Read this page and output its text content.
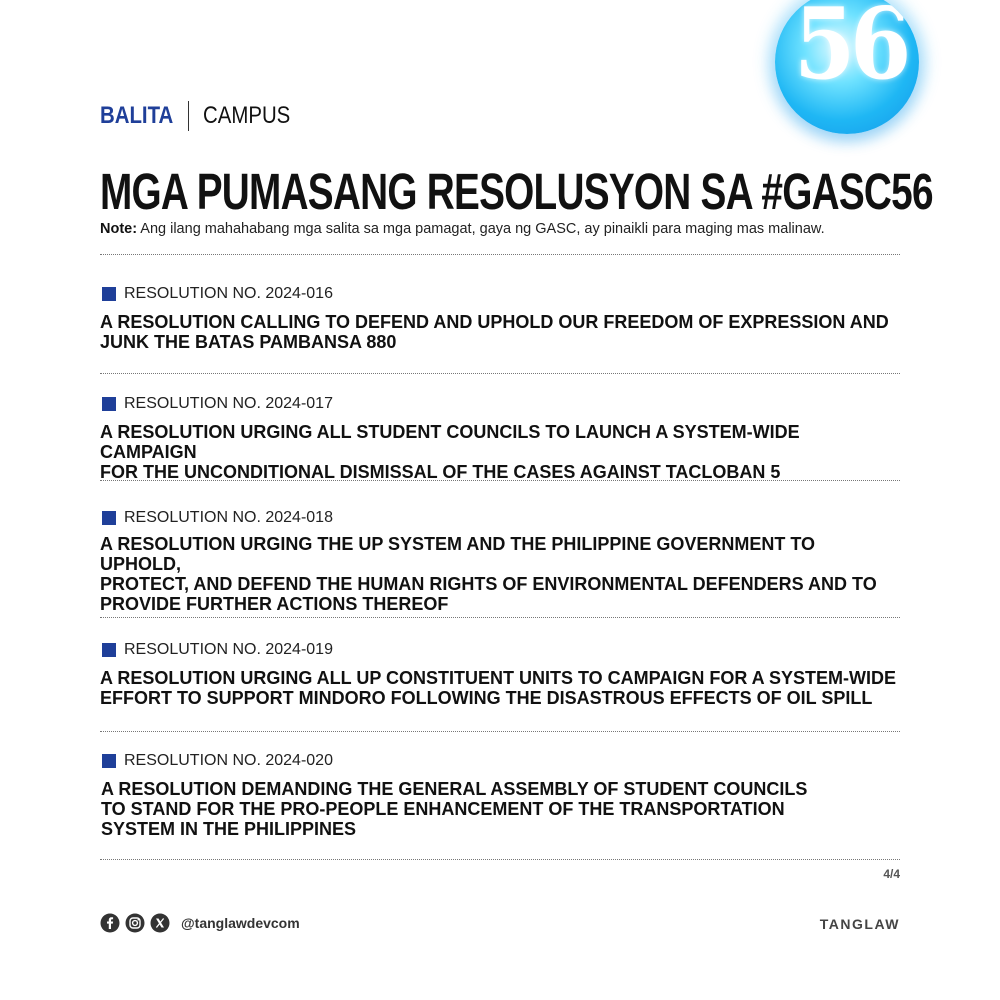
56
BALITA CAMPUS
MGA PUMASANG RESOLUSYON SA #GASC56
Note: Ang ilang mahahabang mga salita sa mga pamagat, gaya ng GASC, ay pinaikli para maging mas malinaw.
RESOLUTION NO. 2024-016
A RESOLUTION CALLING TO DEFEND AND UPHOLD OUR FREEDOM OF EXPRESSION AND
JUNK THE BATAS PAMBANSA 880
RESOLUTION NO. 2024-017
A RESOLUTION URGING ALL STUDENT COUNCILS TO LAUNCH A SYSTEM-WIDE CAMPAIGN
FOR THE UNCONDITIONAL DISMISSAL OF THE CASES AGAINST TACLOBAN 5
RESOLUTION NO. 2024-018
A RESOLUTION URGING THE UP SYSTEM AND THE PHILIPPINE GOVERNMENT TO UPHOLD,
PROTECT, AND DEFEND THE HUMAN RIGHTS OF ENVIRONMENTAL DEFENDERS AND TO
PROVIDE FURTHER ACTIONS THEREOF
RESOLUTION NO. 2024-019
A RESOLUTION URGING ALL UP CONSTITUENT UNITS TO CAMPAIGN FOR A SYSTEM-WIDE
EFFORT TO SUPPORT MINDORO FOLLOWING THE DISASTROUS EFFECTS OF OIL SPILL
RESOLUTION NO. 2024-020
A RESOLUTION DEMANDING THE GENERAL ASSEMBLY OF STUDENT COUNCILS
TO STAND FOR THE PRO-PEOPLE ENHANCEMENT OF THE TRANSPORTATION
SYSTEM IN THE PHILIPPINES
4/4
@tanglawdevcom	TANGLAW
